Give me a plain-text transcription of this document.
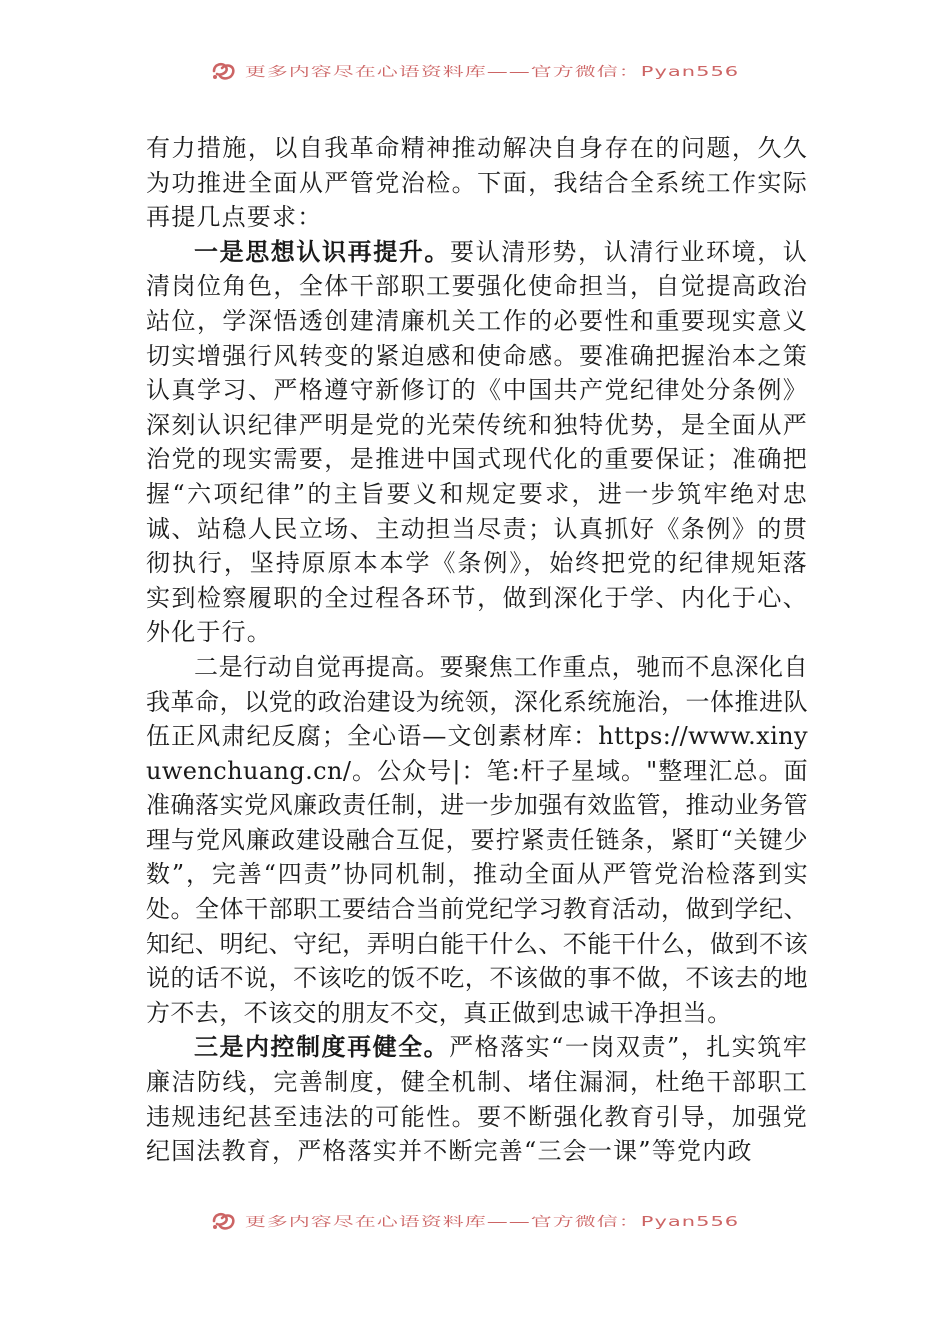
更多内容尽在心语资料库——官方微信：Pyan556

有力措施，以自我革命精神推动解决自身存在的问题，久久为功推进全面从严管党治检。下面，我结合全系统工作实际再提几点要求：

一是思想认识再提升。要认清形势，认清行业环境，认清岗位角色，全体干部职工要强化使命担当，自觉提高政治站位，学深悟透创建清廉机关工作的必要性和重要现实意义切实增强行风转变的紧迫感和使命感。要准确把握治本之策认真学习、严格遵守新修订的《中国共产党纪律处分条例》深刻认识纪律严明是党的光荣传统和独特优势，是全面从严治党的现实需要，是推进中国式现代化的重要保证；准确把握“六项纪律”的主旨要义和规定要求，进一步筑牢绝对忠诚、站稳人民立场、主动担当尽责；认真抓好《条例》的贯彻执行，坚持原原本本学《条例》，始终把党的纪律规矩落实到检察履职的全过程各环节，做到深化于学、内化于心、外化于行。

二是行动自觉再提高。要聚焦工作重点，驰而不息深化自我革命，以党的政治建设为统领，深化系统施治，一体推进队伍正风肃纪反腐；全心语—文创素材库：https://www.xinyuwenchuang.cn/。公众号|：笔:杆子星域。"整理汇总。面准确落实党风廉政责任制，进一步加强有效监管，推动业务管理与党风廉政建设融合互促，要拧紧责任链条，紧盯“关键少数”，完善“四责”协同机制，推动全面从严管党治检落到实处。全体干部职工要结合当前党纪学习教育活动，做到学纪、知纪、明纪、守纪，弄明白能干什么、不能干什么，做到不该说的话不说，不该吃的饭不吃，不该做的事不做，不该去的地方不去，不该交的朋友不交，真正做到忠诚干净担当。

三是内控制度再健全。严格落实“一岗双责”，扎实筑牢廉洁防线，完善制度，健全机制、堵住漏洞，杜绝干部职工违规违纪甚至违法的可能性。要不断强化教育引导，加强党纪国法教育，严格落实并不断完善“三会一课”等党内政

更多内容尽在心语资料库——官方微信：Pyan556
